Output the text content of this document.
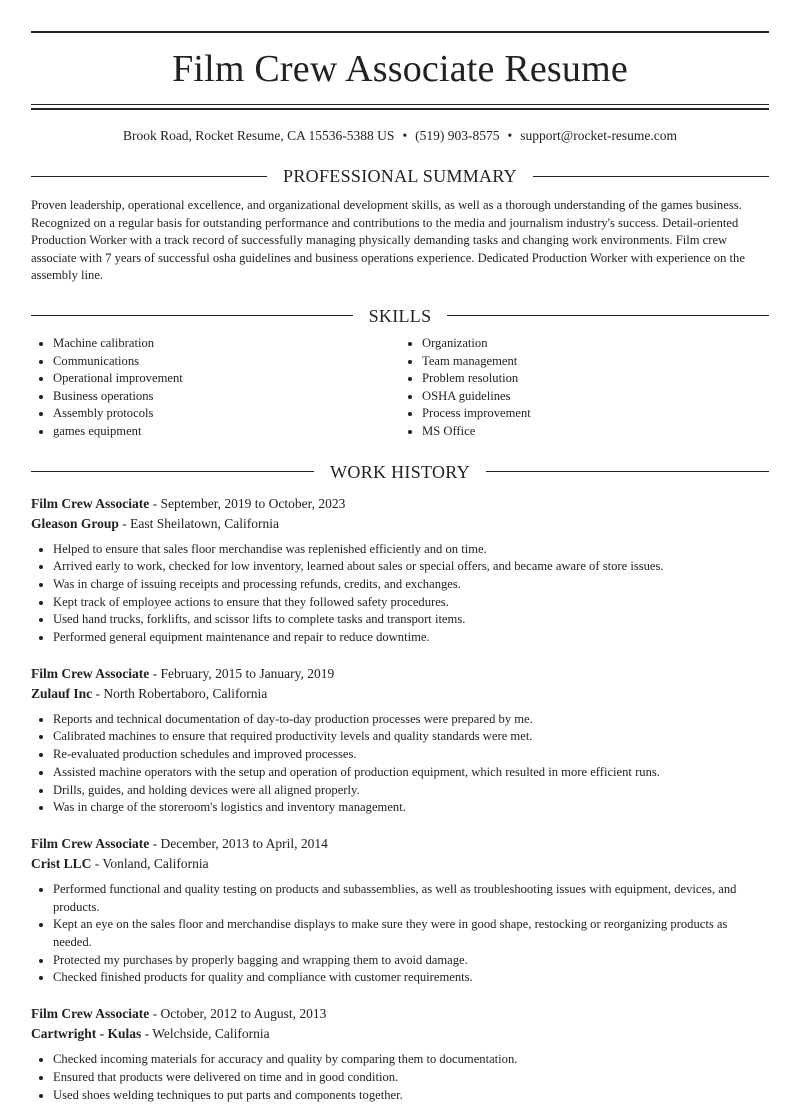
Film Crew Associate Resume
Brook Road, Rocket Resume, CA 15536-5388 US • (519) 903-8575 • support@rocket-resume.com
PROFESSIONAL SUMMARY
Proven leadership, operational excellence, and organizational development skills, as well as a thorough understanding of the games business. Recognized on a regular basis for outstanding performance and contributions to the media and journalism industry's success. Detail-oriented Production Worker with a track record of successfully managing physically demanding tasks and changing work environments. Film crew associate with 7 years of successful osha guidelines and business operations experience. Dedicated Production Worker with experience on the assembly line.
SKILLS
• Machine calibration
• Communications
• Operational improvement
• Business operations
• Assembly protocols
• games equipment
• Organization
• Team management
• Problem resolution
• OSHA guidelines
• Process improvement
• MS Office
WORK HISTORY
Film Crew Associate - September, 2019 to October, 2023
Gleason Group - East Sheilatown, California
• Helped to ensure that sales floor merchandise was replenished efficiently and on time.
• Arrived early to work, checked for low inventory, learned about sales or special offers, and became aware of store issues.
• Was in charge of issuing receipts and processing refunds, credits, and exchanges.
• Kept track of employee actions to ensure that they followed safety procedures.
• Used hand trucks, forklifts, and scissor lifts to complete tasks and transport items.
• Performed general equipment maintenance and repair to reduce downtime.
Film Crew Associate - February, 2015 to January, 2019
Zulauf Inc - North Robertaboro, California
• Reports and technical documentation of day-to-day production processes were prepared by me.
• Calibrated machines to ensure that required productivity levels and quality standards were met.
• Re-evaluated production schedules and improved processes.
• Assisted machine operators with the setup and operation of production equipment, which resulted in more efficient runs.
• Drills, guides, and holding devices were all aligned properly.
• Was in charge of the storeroom's logistics and inventory management.
Film Crew Associate - December, 2013 to April, 2014
Crist LLC - Vonland, California
• Performed functional and quality testing on products and subassemblies, as well as troubleshooting issues with equipment, devices, and products.
• Kept an eye on the sales floor and merchandise displays to make sure they were in good shape, restocking or reorganizing products as needed.
• Protected my purchases by properly bagging and wrapping them to avoid damage.
• Checked finished products for quality and compliance with customer requirements.
Film Crew Associate - October, 2012 to August, 2013
Cartwright - Kulas - Welchside, California
• Checked incoming materials for accuracy and quality by comparing them to documentation.
• Ensured that products were delivered on time and in good condition.
• Used shoes welding techniques to put parts and components together.
